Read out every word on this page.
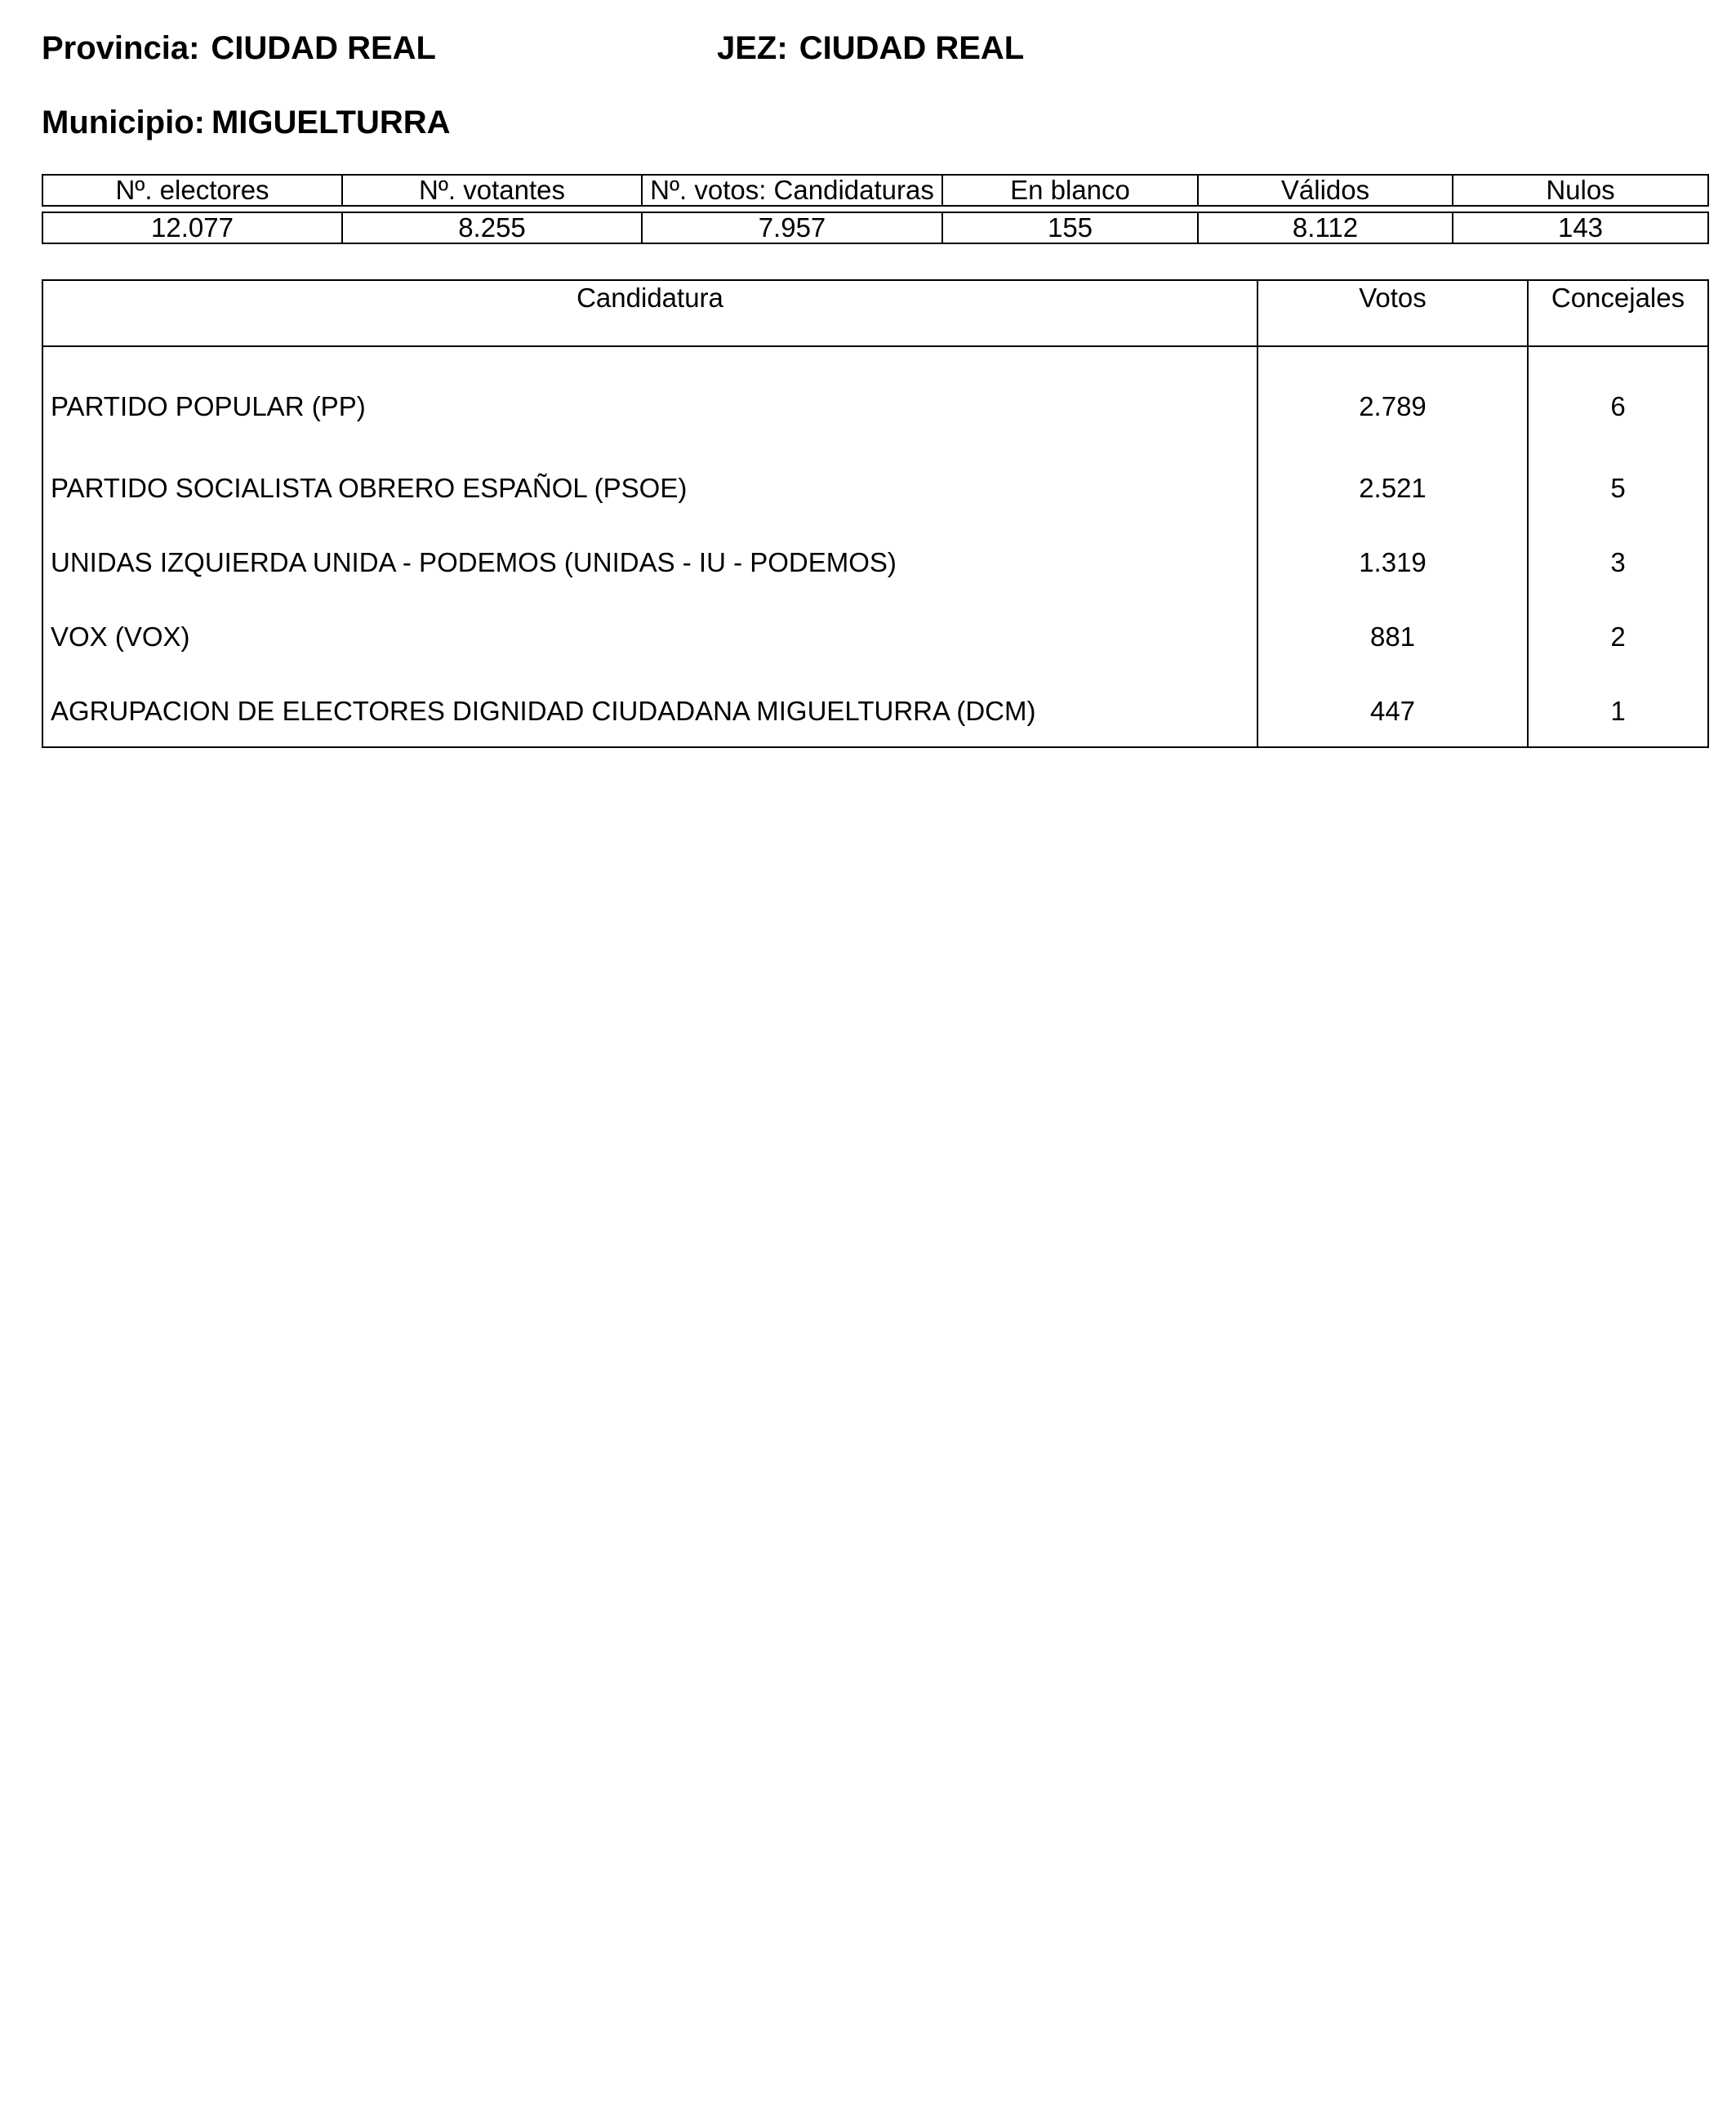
Provincia: CIUDAD REAL	JEZ: CIUDAD REAL
Municipio: MIGUELTURRA
Nº. electores	Nº. votantes	Nº. votos: Candidaturas	En blanco	Válidos	Nulos

12.077	8.255	7.957	155	8.112	143
Candidatura	Votos	Concejales
PARTIDO POPULAR (PP)	2.789	6
PARTIDO SOCIALISTA OBRERO ESPAÑOL (PSOE)	2.521	5
UNIDAS IZQUIERDA UNIDA - PODEMOS (UNIDAS - IU - PODEMOS)	1.319	3
VOX (VOX)	881	2
AGRUPACION DE ELECTORES DIGNIDAD CIUDADANA MIGUELTURRA (DCM)	447	1
